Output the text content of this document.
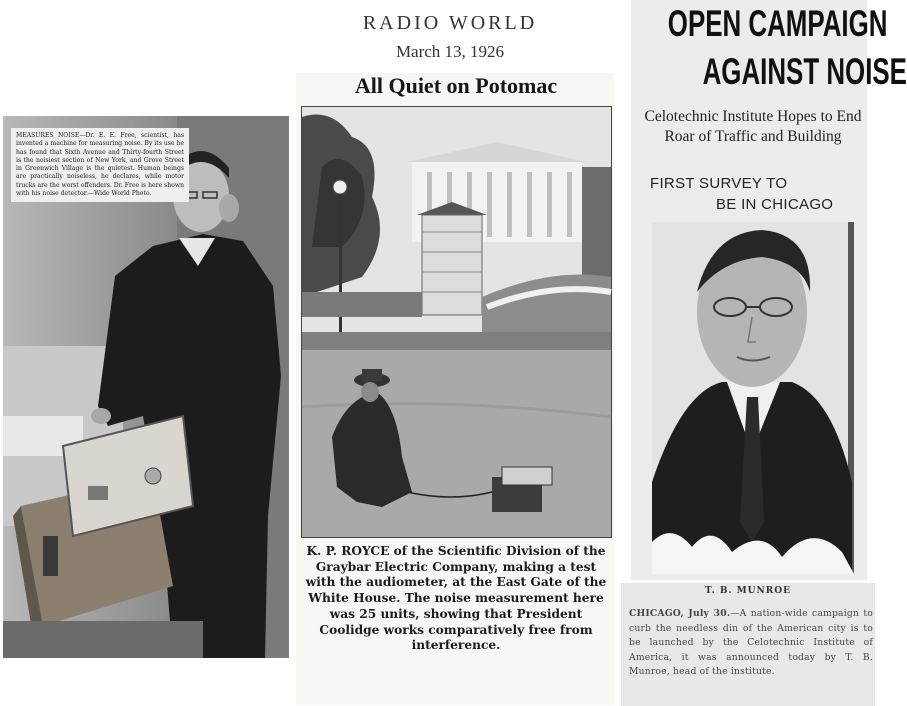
MEASURES NOISE—Dr. E. E. Free, scientist, has invented a machine for measuring noise. By its use he has found that Sixth Avenue and Thirty-fourth Street is the noisiest section of New York, and Grove Street in Greenwich Village is the quietest. Human beings are practically noiseless, he declares, while motor trucks are the worst offenders. Dr. Free is here shown with his noise detector.—Wide World Photo.
RADIO WORLD
March 13, 1926
All Quiet on Potomac
K. P. ROYCE of the Scientific Division of the Graybar Electric Company, making a test with the audiometer, at the East Gate of the White House. The noise measurement here was 25 units, showing that President Coolidge works comparatively free from interference.
OPEN CAMPAIGN
AGAINST NOISE
Celotechnic Institute Hopes to End Roar of Traffic and Building
FIRST SURVEY TO
BE IN CHICAGO
T. B. MUNROE
CHICAGO, July 30.—A nation-wide campaign to curb the needless din of the American city is to be launched by the Celotechnic Institute of America, it was announced today by T. B. Munroe, head of the institute.
